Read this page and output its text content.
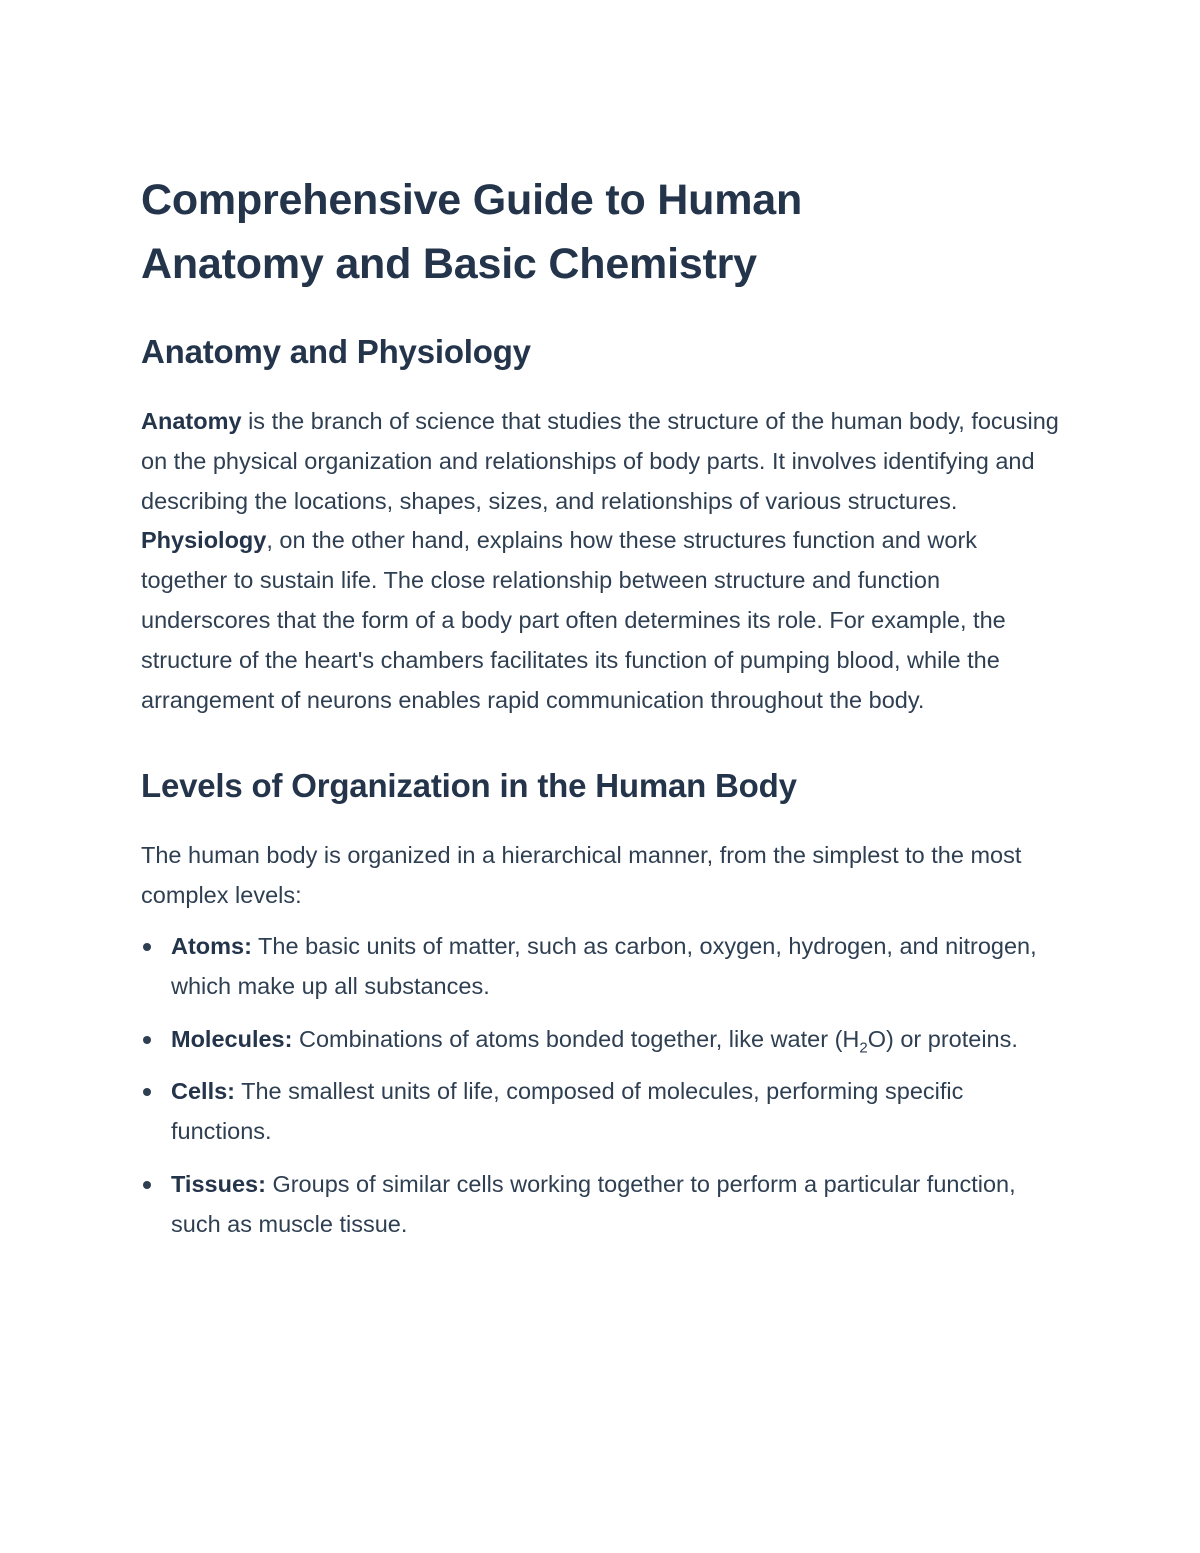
Comprehensive Guide to Human
Anatomy and Basic Chemistry
Anatomy and Physiology

Anatomy is the branch of science that studies the structure of the human body, focusing on the physical organization and relationships of body parts. It involves identifying and describing the locations, shapes, sizes, and relationships of various structures. Physiology, on the other hand, explains how these structures function and work together to sustain life. The close relationship between structure and function underscores that the form of a body part often determines its role. For example, the structure of the heart's chambers facilitates its function of pumping blood, while the arrangement of neurons enables rapid communication throughout the body.

Levels of Organization in the Human Body

The human body is organized in a hierarchical manner, from the simplest to the most complex levels:

Atoms: The basic units of matter, such as carbon, oxygen, hydrogen, and nitrogen, which make up all substances.
Molecules: Combinations of atoms bonded together, like water $(H_2O)$ or proteins.
Cells: The smallest units of life, composed of molecules, performing specific functions.
Tissues: Groups of similar cells working together to perform a particular function, such as muscle tissue.
